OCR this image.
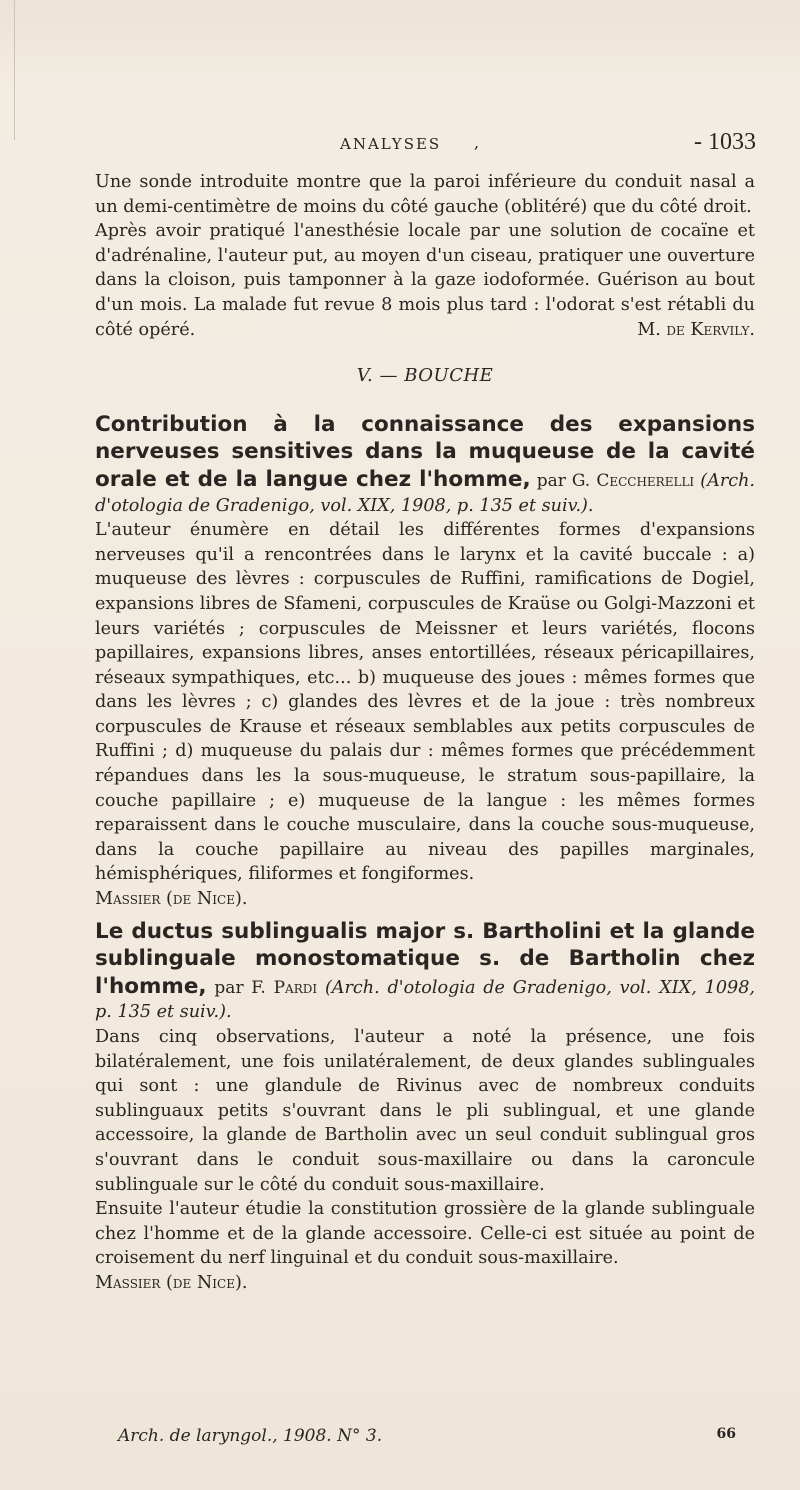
ANALYSES ,	- 1033

Une sonde introduite montre que la paroi inférieure du conduit nasal a un demi-centimètre de moins du côté gauche (oblitéré) que du côté droit.

Après avoir pratiqué l'anesthésie locale par une solution de cocaïne et d'adrénaline, l'auteur put, au moyen d'un ciseau, pratiquer une ouverture dans la cloison, puis tamponner à la gaze iodoformée. Guérison au bout d'un mois. La malade fut revue 8 mois plus tard : l'odorat s'est rétabli du côté opéré.	M. de Kervily.

V. — BOUCHE

Contribution à la connaissance des expansions nerveuses sensitives dans la muqueuse de la cavité orale et de la langue chez l'homme, par G. Ceccherelli (Arch. d'otologia de Gradenigo, vol. XIX, 1908, p. 135 et suiv.).

L'auteur énumère en détail les différentes formes d'expansions nerveuses qu'il a rencontrées dans le larynx et la cavité buccale : a) muqueuse des lèvres : corpuscules de Ruffini, ramifications de Dogiel, expansions libres de Sfameni, corpuscules de Kraüse ou Golgi-Mazzoni et leurs variétés ; corpuscules de Meissner et leurs variétés, flocons papillaires, expansions libres, anses entortillées, réseaux péricapillaires, réseaux sympathiques, etc... b) muqueuse des joues : mêmes formes que dans les lèvres ; c) glandes des lèvres et de la joue : très nombreux corpuscules de Krause et réseaux semblables aux petits corpuscules de Ruffini ; d) muqueuse du palais dur : mêmes formes que précédemment répandues dans les la sous-muqueuse, le stratum sous-papillaire, la couche papillaire ; e) muqueuse de la langue : les mêmes formes reparaissent dans le couche musculaire, dans la couche sous-muqueuse, dans la couche papillaire au niveau des papilles marginales, hémisphériques, filiformes et fongiformes.

Massier (de Nice).

Le ductus sublingualis major s. Bartholini et la glande sublinguale monostomatique s. de Bartholin chez l'homme, par F. Pardi (Arch. d'otologia de Gradenigo, vol. XIX, 1098, p. 135 et suiv.).

Dans cinq observations, l'auteur a noté la présence, une fois bilatéralement, une fois unilatéralement, de deux glandes sublinguales qui sont : une glandule de Rivinus avec de nombreux conduits sublinguaux petits s'ouvrant dans le pli sublingual, et une glande accessoire, la glande de Bartholin avec un seul conduit sublingual gros s'ouvrant dans le conduit sous-maxillaire ou dans la caroncule sublinguale sur le côté du conduit sous-maxillaire.

Ensuite l'auteur étudie la constitution grossière de la glande sublinguale chez l'homme et de la glande accessoire. Celle-ci est située au point de croisement du nerf linguinal et du conduit sous-maxillaire.

Massier (de Nice).

Arch. de laryngol., 1908. N° 3.	66
